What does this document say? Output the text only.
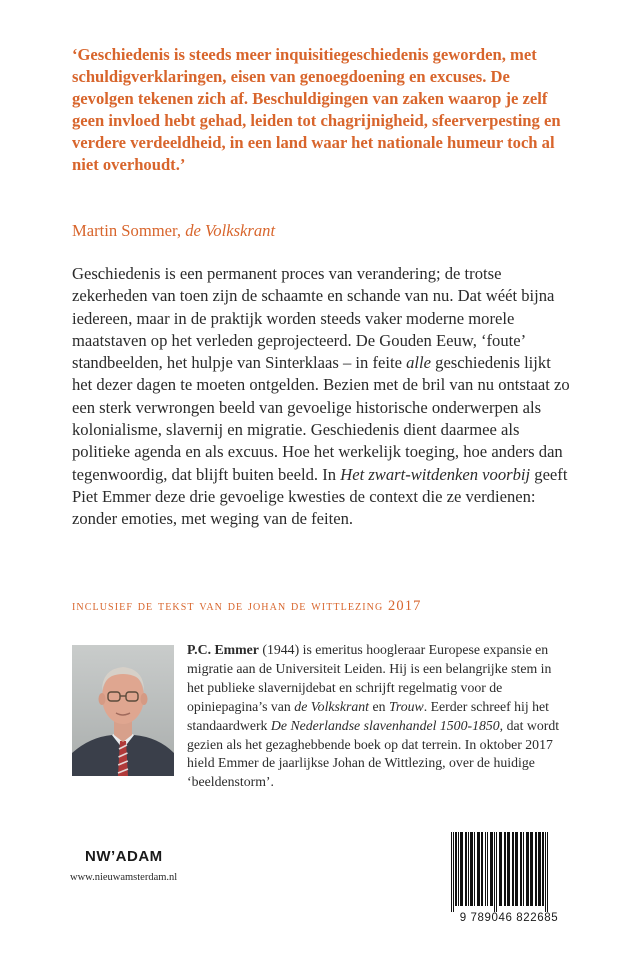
‘Geschiedenis is steeds meer inquisitiegeschiedenis geworden, met schuldigverklaringen, eisen van genoegdoening en excuses. De gevolgen tekenen zich af. Beschuldigingen van zaken waarop je zelf geen invloed hebt gehad, leiden tot chagrijnigheid, sfeerverpesting en verdere verdeeldheid, in een land waar het nationale humeur toch al niet overhoudt.’

Martin Sommer, de Volkskrant

Geschiedenis is een permanent proces van verandering; de trotse zekerheden van toen zijn de schaamte en schande van nu. Dat wéét bijna iedereen, maar in de praktijk worden steeds vaker moderne morele maatstaven op het verleden geprojecteerd. De Gouden Eeuw, ‘foute’ standbeelden, het hulpje van Sinterklaas – in feite alle geschiedenis lijkt het dezer dagen te moeten ontgelden. Bezien met de bril van nu ontstaat zo een sterk verwrongen beeld van gevoelige historische onderwerpen als kolonialisme, slavernij en migratie. Geschiedenis dient daarmee als politieke agenda en als excuus. Hoe het werkelijk toeging, hoe anders dan tegenwoordig, dat blijft buiten beeld. In Het zwart-witdenken voorbij geeft Piet Emmer deze drie gevoelige kwesties de context die ze verdienen: zonder emoties, met weging van de feiten.

inclusief de tekst van de johan de wittlezing 2017

P.C. Emmer (1944) is emeritus hoogleraar Europese expansie en migratie aan de Universiteit Leiden. Hij is een belangrijke stem in het publieke slavernijdebat en schrijft regelmatig voor de opiniepagina’s van de Volkskrant en Trouw. Eerder schreef hij het standaardwerk De Nederlandse slavenhandel 1500-1850, dat wordt gezien als het gezaghebbende boek op dat terrein. In oktober 2017 hield Emmer de jaarlijkse Johan de Wittlezing, over de huidige ‘beeldenstorm’.

NW’ADAM
www.nieuwamsterdam.nl
9 789046 822685
